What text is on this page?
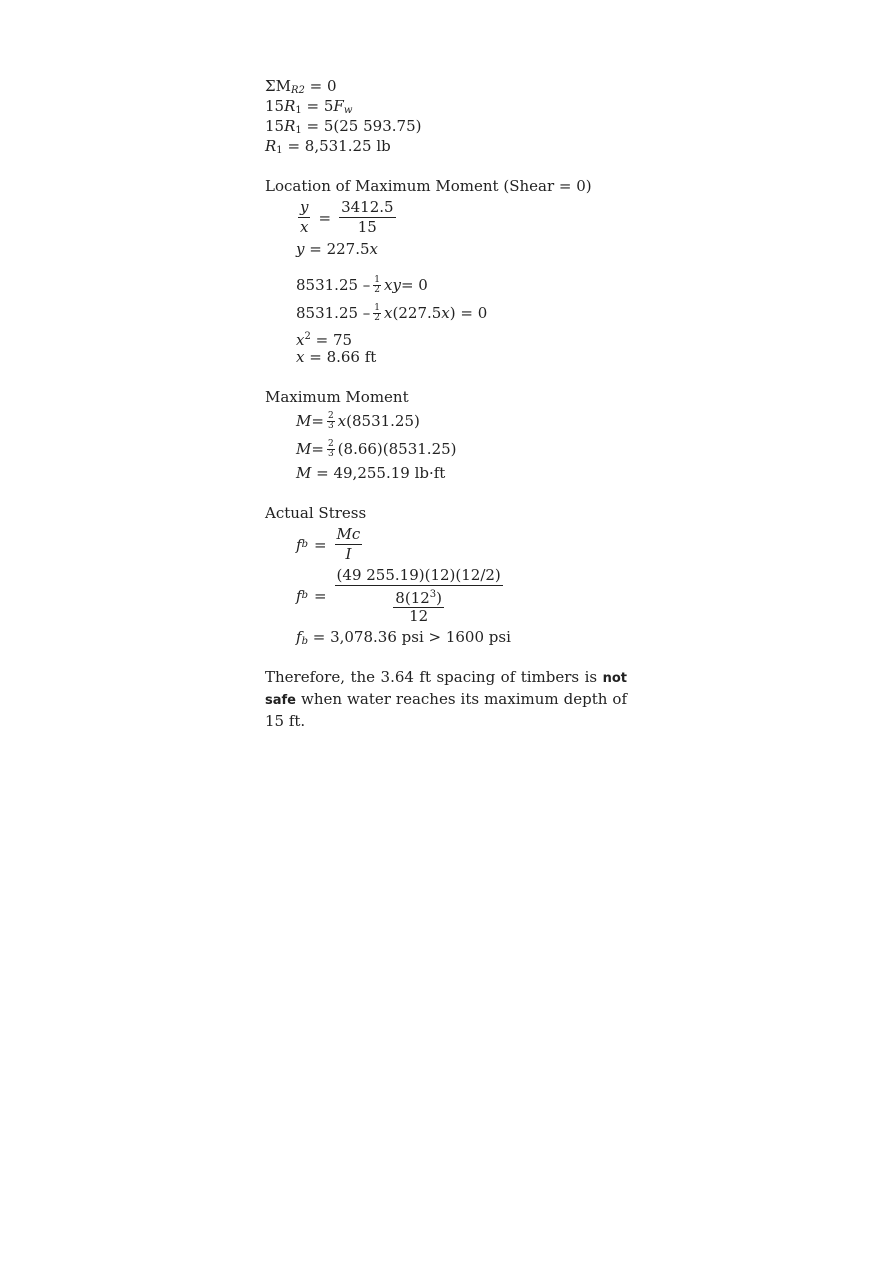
$\Sigma M_{R2} = 0$
$15R_1 = 5F_w$
$15R_1 = 5(25$ 593.75)
$R_1 = 8,531.25$ lb
Location of Maximum Moment (Shear = 0)
$\frac{y}{x} = \frac{3412.5}{15}$
y = 227.5x
$8531.25 - \frac{1}{2}$ xy = 0
$8531.25 - \frac{1}{2}$ x (227.5 x ) = 0
$x^2 = 75$
x = 8.66 ft
Maximum Moment
$M = \frac{2}{3}$ x (8531.25)
$M = \frac{2}{3} (8.66)(8531.25)$
M = 49,255.19 lb·ft
Actual Stress
f $b = \frac{Mc}{I}$
f $b = \frac{(49 255.19)(12)(12/2)}{\frac{8(12^3)}{12}}$
$f_b = 3,078.36$ psi > 1600 psi
Therefore, the 3.64 ft spacing of timbers is not safe when water reaches its maximum depth of 15 ft.
